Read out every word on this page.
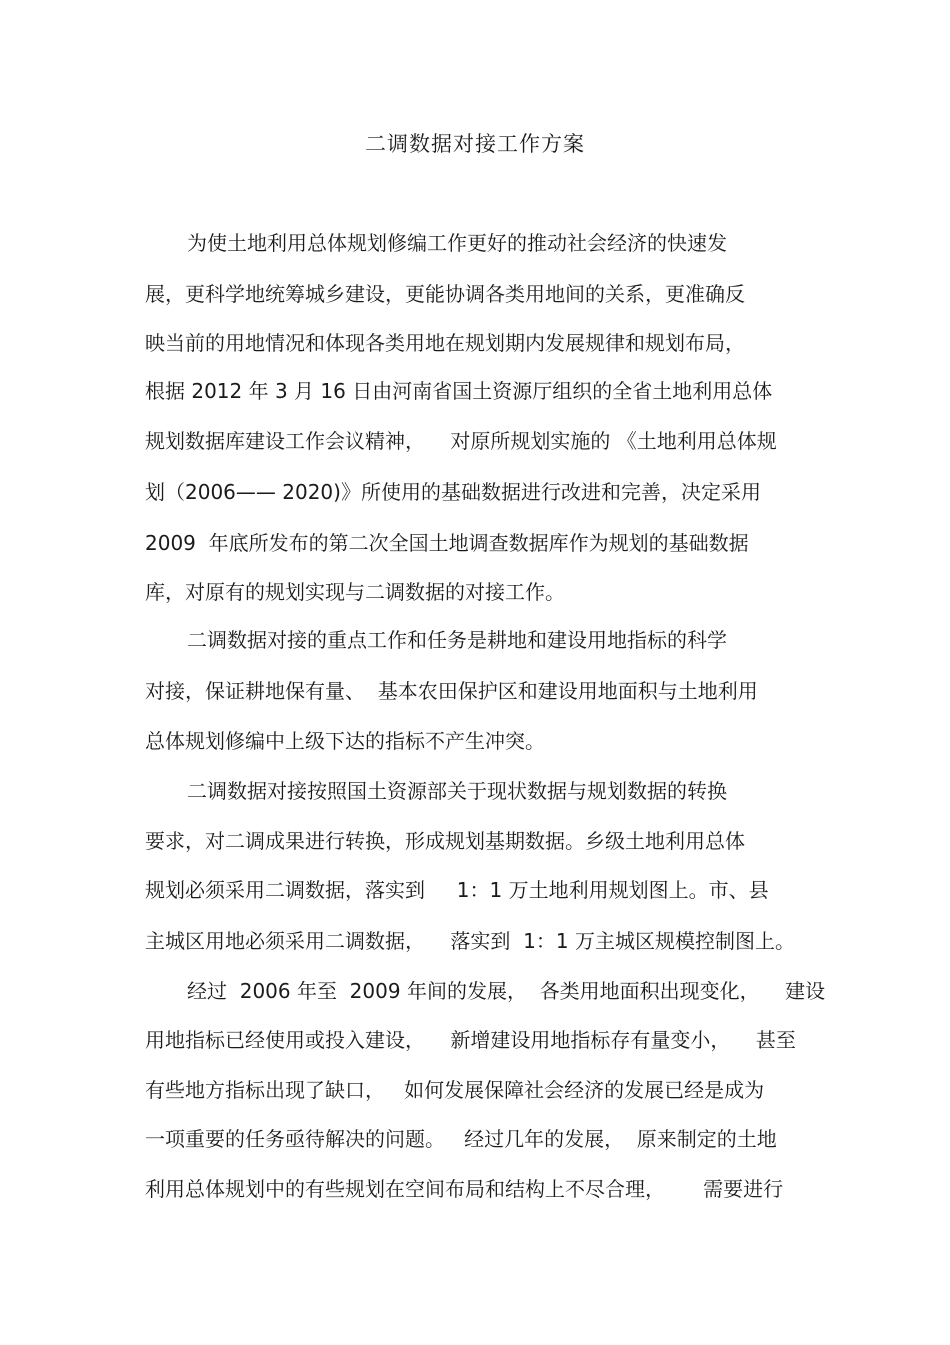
二调数据对接工作方案
为使土地利用总体规划修编工作更好的推动社会经济的快速发
展，更科学地统筹城乡建设，更能协调各类用地间的关系，更准确反
映当前的用地情况和体现各类用地在规划期内发展规律和规划布局，
根据 2012 年 3 月 16 日由河南省国土资源厅组织的全省土地利用总体
规划数据库建设工作会议精神，    对原所规划实施的 《土地利用总体规
划（2006—— 2020)》所使用的基础数据进行改进和完善，决定采用
2009  年底所发布的第二次全国土地调查数据库作为规划的基础数据
库，对原有的规划实现与二调数据的对接工作。
二调数据对接的重点工作和任务是耕地和建设用地指标的科学
对接，保证耕地保有量、  基本农田保护区和建设用地面积与土地利用
总体规划修编中上级下达的指标不产生冲突。
二调数据对接按照国土资源部关于现状数据与规划数据的转换
要求，对二调成果进行转换，形成规划基期数据。乡级土地利用总体
规划必须采用二调数据，落实到     1：1 万土地利用规划图上。市、县
主城区用地必须采用二调数据，    落实到  1：1 万主城区规模控制图上。
经过  2006 年至  2009 年间的发展，  各类用地面积出现变化，    建设
用地指标已经使用或投入建设，    新增建设用地指标存有量变小，    甚至
有些地方指标出现了缺口，   如何发展保障社会经济的发展已经是成为
一项重要的任务亟待解决的问题。   经过几年的发展，  原来制定的土地
利用总体规划中的有些规划在空间布局和结构上不尽合理，      需要进行
